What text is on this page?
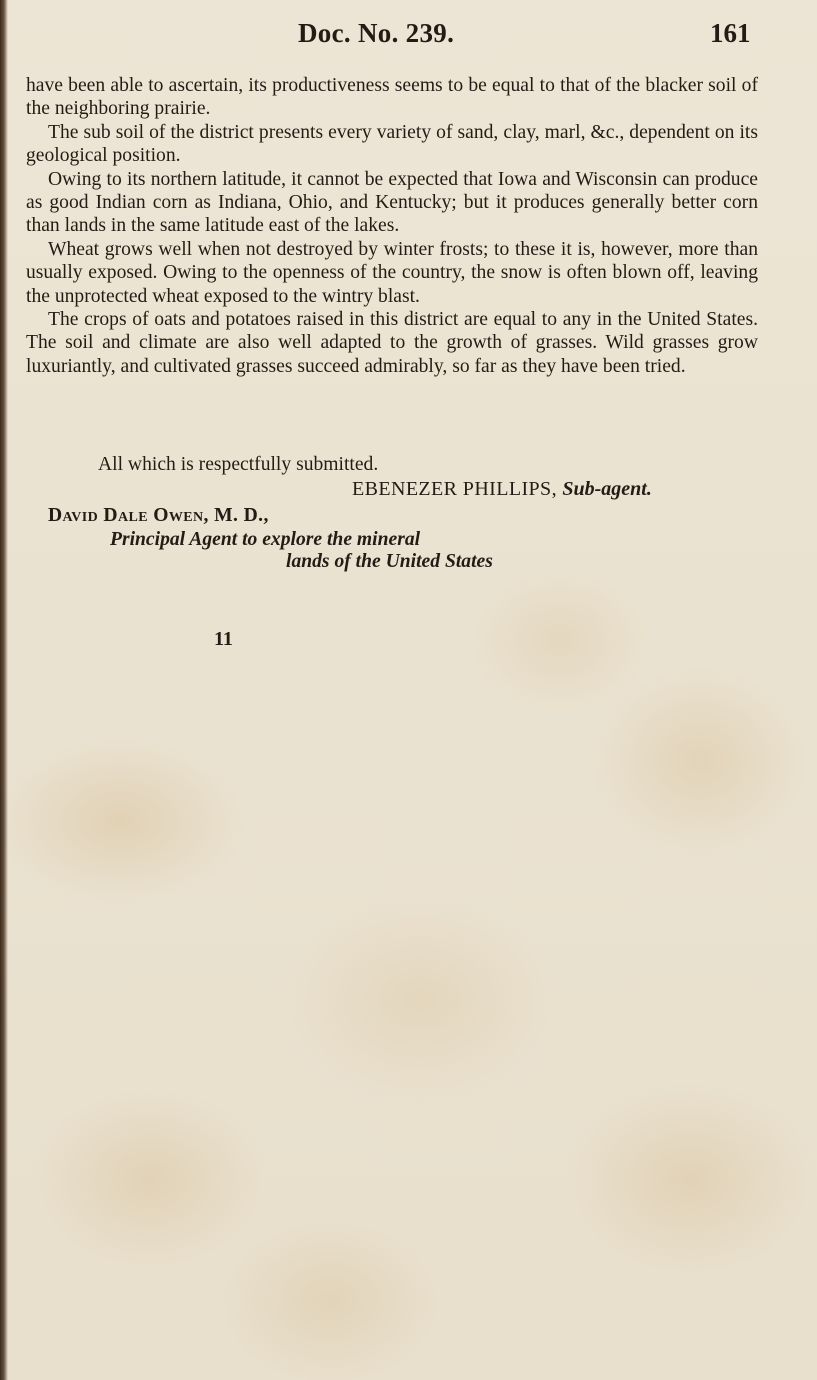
Doc. No. 239.	161

have been able to ascertain, its productiveness seems to be equal to that of the blacker soil of the neighboring prairie.

The sub soil of the district presents every variety of sand, clay, marl, &c., dependent on its geological position.

Owing to its northern latitude, it cannot be expected that Iowa and Wisconsin can produce as good Indian corn as Indiana, Ohio, and Kentucky; but it produces generally better corn than lands in the same latitude east of the lakes.

Wheat grows well when not destroyed by winter frosts; to these it is, however, more than usually exposed. Owing to the openness of the country, the snow is often blown off, leaving the unprotected wheat exposed to the wintry blast.

The crops of oats and potatoes raised in this district are equal to any in the United States. The soil and climate are also well adapted to the growth of grasses. Wild grasses grow luxuriantly, and cultivated grasses succeed admirably, so far as they have been tried.

All which is respectfully submitted.
EBENEZER PHILLIPS, Sub-agent.
David Dale Owen, M. D.,
Principal Agent to explore the mineral
lands of the United States
11
